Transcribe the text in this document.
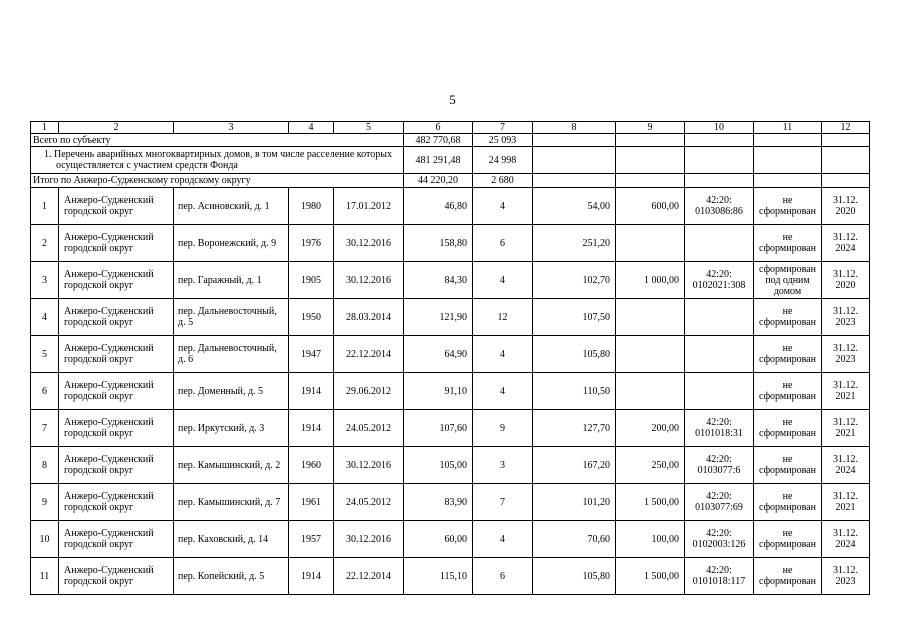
5
1	2	3	4	5	6	7	8	9	10	11	12
Всего по субъекту					482 770,68	25 093					
1. Перечень аварийных многоквартирных домов, в том числе расселение которых осуществляется с участием средств Фонда					481 291,48	24 998					
Итого по Анжеро-Судженскому городскому округу					44 220,20	2 680					
1	Анжеро-Судженский городской округ	пер. Асиновский, д. 1	1980	17.01.2012	46,80	4	54,00	600,00	42:20: 0103086:86	не сформирован	31.12. 2020
2	Анжеро-Судженский городской округ	пер. Воронежский, д. 9	1976	30.12.2016	158,80	6	251,20			не сформирован	31.12. 2024
3	Анжеро-Судженский городской округ	пер. Гаражный, д. 1	1905	30.12.2016	84,30	4	102,70	1 000,00	42:20: 0102021:308	сформирован под одним домом	31.12. 2020
4	Анжеро-Судженский городской округ	пер. Дальневосточный, д. 5	1950	28.03.2014	121,90	12	107,50			не сформирован	31.12. 2023
5	Анжеро-Судженский городской округ	пер. Дальневосточный, д. 6	1947	22.12.2014	64,90	4	105,80			не сформирован	31.12. 2023
6	Анжеро-Судженский городской округ	пер. Доменный, д. 5	1914	29.06.2012	91,10	4	110,50			не сформирован	31.12. 2021
7	Анжеро-Судженский городской округ	пер. Иркутский, д. 3	1914	24.05.2012	107,60	9	127,70	200,00	42:20: 0101018:31	не сформирован	31.12. 2021
8	Анжеро-Судженский городской округ	пер. Камышинский, д. 2	1960	30.12.2016	105,00	3	167,20	250,00	42:20: 0103077:6	не сформирован	31.12. 2024
9	Анжеро-Судженский городской округ	пер. Камышинский, д. 7	1961	24.05.2012	83,90	7	101,20	1 500,00	42:20: 0103077:69	не сформирован	31.12. 2021
10	Анжеро-Судженский городской округ	пер. Каховский, д. 14	1957	30.12.2016	60,00	4	70,60	100,00	42:20: 0102003:126	не сформирован	31.12. 2024
11	Анжеро-Судженский городской округ	пер. Копейский, д. 5	1914	22.12.2014	115,10	6	105,80	1 500,00	42:20: 0101018:117	не сформирован	31.12. 2023
